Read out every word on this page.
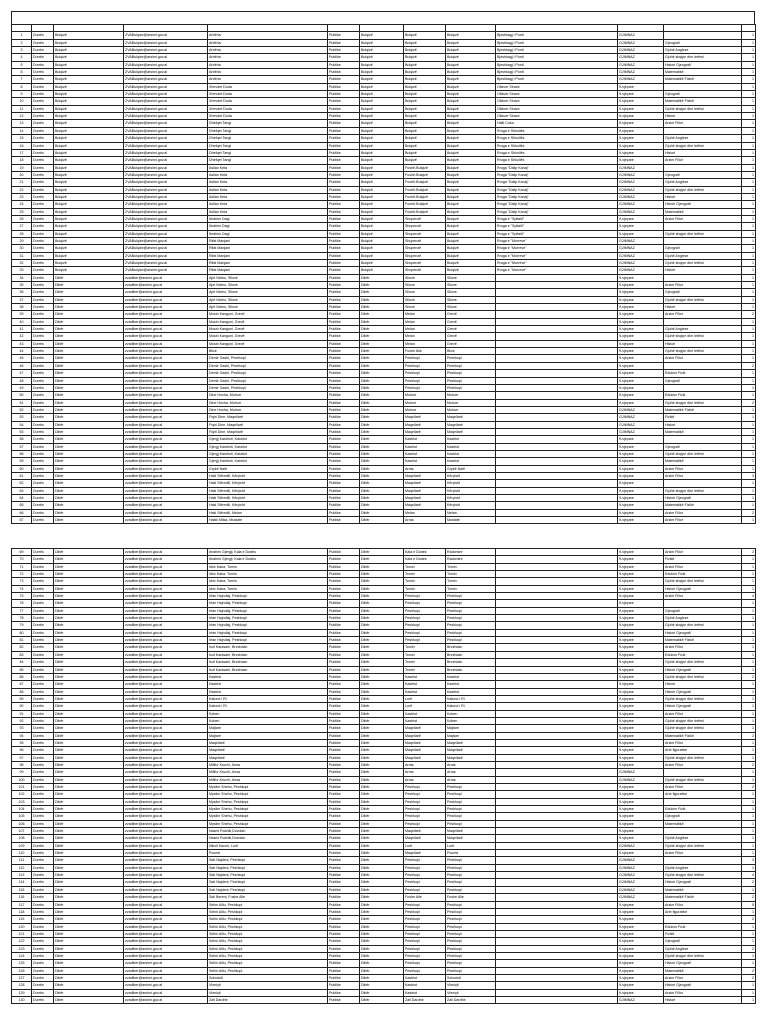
1	Durrës	Bulqizë	ZVABulqize@arsimi.gov.al	Arbëria	Publike	Bulqizë	Bulqizë	Bulqizë	Bjeshkagj i Ponit	GJIMNAZ		1
2	Durrës	Bulqizë	ZVABulqize@arsimi.gov.al	Arbëria	Publike	Bulqizë	Bulqizë	Bulqizë	Bjeshkagj i Ponit	GJIMNAZ	Gjeografi	1
3	Durrës	Bulqizë	ZVABulqize@arsimi.gov.al	Arbëria	Publike	Bulqizë	Bulqizë	Bulqizë	Bjeshkagj i Ponit	GJIMNAZ	Gjuhë Angleze	1
4	Durrës	Bulqizë	ZVABulqize@arsimi.gov.al	Arbëria	Publike	Bulqizë	Bulqizë	Bulqizë	Bjeshkagj i Ponit	GJIMNAZ	Gjuhë shqipe dhe letërsi	1
5	Durrës	Bulqizë	ZVABulqize@arsimi.gov.al	Arbëria	Publike	Bulqizë	Bulqizë	Bulqizë	Bjeshkagj i Ponit	GJIMNAZ	Histori Gjeografi	1
6	Durrës	Bulqizë	ZVABulqize@arsimi.gov.al	Arbëria	Publike	Bulqizë	Bulqizë	Bulqizë	Bjeshkagj i Ponit	GJIMNAZ	Matematikë	1
7	Durrës	Bulqizë	ZVABulqize@arsimi.gov.al	Arbëria	Publike	Bulqizë	Bulqizë	Bulqizë	Bjeshkagj i Ponit	GJIMNAZ	Matematikë Fizikë	1
8	Durrës	Bulqizë	ZVABulqize@arsimi.gov.al	Xhevdet Doda	Publike	Bulqizë	Bulqizë	Bulqizë	Ollaver Sinani	9-vjeçare		1
9	Durrës	Bulqizë	ZVABulqize@arsimi.gov.al	Xhevdet Doda	Publike	Bulqizë	Bulqizë	Bulqizë	Ollaver Sinani	9-vjeçare	Gjeografi	1
10	Durrës	Bulqizë	ZVABulqize@arsimi.gov.al	Xhevdet Doda	Publike	Bulqizë	Bulqizë	Bulqizë	Ollaver Sinani	9-vjeçare	Matematikë Fizikë	1
11	Durrës	Bulqizë	ZVABulqize@arsimi.gov.al	Xhevdet Doda	Publike	Bulqizë	Bulqizë	Bulqizë	Ollaver Sinani	9-vjeçare	Gjuhë shqipe dhe letërsi	1
12	Durrës	Bulqizë	ZVABulqize@arsimi.gov.al	Xhevdet Doda	Publike	Bulqizë	Bulqizë	Bulqizë	Ollaver Sinani	9-vjeçare	Histori	1
13	Durrës	Bulqizë	ZVABulqize@arsimi.gov.al	Dhefqet Tangi	Publike	Bulqizë	Bulqizë	Bulqizë	Halit Coka	9-vjeçare	Arsim Fillor	1
14	Durrës	Bulqizë	ZVABulqize@arsimi.gov.al	Dhefqet Tangi	Publike	Bulqizë	Bulqizë	Bulqizë	Rruga e Shkollës	9-vjeçare		1
15	Durrës	Bulqizë	ZVABulqize@arsimi.gov.al	Dhefqet Tangi	Publike	Bulqizë	Bulqizë	Bulqizë	Rruga e Shkollës	9-vjeçare	Gjuhë Angleze	1
16	Durrës	Bulqizë	ZVABulqize@arsimi.gov.al	Dhefqet Tangi	Publike	Bulqizë	Bulqizë	Bulqizë	Rruga e Shkollës	9-vjeçare	Gjuhë shqipe dhe letërsi	1
17	Durrës	Bulqizë	ZVABulqize@arsimi.gov.al	Dhefqet Tangi	Publike	Bulqizë	Bulqizë	Bulqizë	Rruga e Shkollës	9-vjeçare	Histori	1
18	Durrës	Bulqizë	ZVABulqize@arsimi.gov.al	Dhefqet Tangi	Publike	Bulqizë	Bulqizë	Bulqizë	Rruga e Shkollës	9-vjeçare	Arsim Fillor	1
19	Durrës	Bulqizë	ZVABulqize@arsimi.gov.al	Asllan Keta	Publike	Bulqizë	Fushë-Bulqizë	Bulqizë	Rruga "Dalip Kanaj"	GJIMNAZ		1
20	Durrës	Bulqizë	ZVABulqize@arsimi.gov.al	Asllan Keta	Publike	Bulqizë	Fushë-Bulqizë	Bulqizë	Rruga "Dalip Kanaj"	GJIMNAZ	Gjeografi	1
21	Durrës	Bulqizë	ZVABulqize@arsimi.gov.al	Asllan Keta	Publike	Bulqizë	Fushë-Bulqizë	Bulqizë	Rruga "Dalip Kanaj"	GJIMNAZ	Gjuhë Angleze	1
22	Durrës	Bulqizë	ZVABulqize@arsimi.gov.al	Asllan Keta	Publike	Bulqizë	Fushë-Bulqizë	Bulqizë	Rruga "Dalip Kanaj"	GJIMNAZ	Gjuhë shqipe dhe letërsi	1
23	Durrës	Bulqizë	ZVABulqize@arsimi.gov.al	Asllan Keta	Publike	Bulqizë	Fushë-Bulqizë	Bulqizë	Rruga "Dalip Kanaj"	GJIMNAZ	Histori	1
24	Durrës	Bulqizë	ZVABulqize@arsimi.gov.al	Asllan Keta	Publike	Bulqizë	Fushë-Bulqizë	Bulqizë	Rruga "Dalip Kanaj"	GJIMNAZ	Histori Gjeografi	1
25	Durrës	Bulqizë	ZVABulqize@arsimi.gov.al	Asllan Keta	Publike	Bulqizë	Fushë-Bulqizë	Bulqizë	Rruga "Dalip Kanaj"	GJIMNAZ	Matematikë	1
26	Durrës	Bulqizë	ZVABulqize@arsimi.gov.al	Ibrahim Dagi	Publike	Bulqizë	Shupenzë	Bulqizë	Rruga e "Spitalit"	9-vjeçare	Arsim Fillor	1
27	Durrës	Bulqizë	ZVABulqize@arsimi.gov.al	Ibrahim Dagi	Publike	Bulqizë	Shupenzë	Bulqizë	Rruga e "Spitalit"	9-vjeçare		1
28	Durrës	Bulqizë	ZVABulqize@arsimi.gov.al	Ibrahim Dagi	Publike	Bulqizë	Shupenzë	Bulqizë	Rruga e "Spitalit"	9-vjeçare	Gjuhë shqipe dhe letërsi	1
29	Durrës	Bulqizë	ZVABulqize@arsimi.gov.al	Rifat Manjani	Publike	Bulqizë	Shupenzë	Bulqizë	Rruga e "Murreve"	GJIMNAZ		1
30	Durrës	Bulqizë	ZVABulqize@arsimi.gov.al	Rifat Manjani	Publike	Bulqizë	Shupenzë	Bulqizë	Rruga e "Murreve"	GJIMNAZ	Gjeografi	1
31	Durrës	Bulqizë	ZVABulqize@arsimi.gov.al	Rifat Manjani	Publike	Bulqizë	Shupenzë	Bulqizë	Rruga e "Murreve"	GJIMNAZ	Gjuhë Angleze	1
32	Durrës	Bulqizë	ZVABulqize@arsimi.gov.al	Rifat Manjani	Publike	Bulqizë	Shupenzë	Bulqizë	Rruga e "Murreve"	GJIMNAZ	Gjuhë shqipe dhe letërsi	1
33	Durrës	Bulqizë	ZVABulqize@arsimi.gov.al	Rifat Manjani	Publike	Bulqizë	Shupenzë	Bulqizë	Rruga e "Murreve"	GJIMNAZ	Histori	1
34	Durrës	Dibër	zvadiber@arsimi.gov.al	Ajet Ndreu, Sllove	Publike	Dibër	Sllove	Sllove		9-vjeçare		1
35	Durrës	Dibër	zvadiber@arsimi.gov.al	Ajet Ndreu, Sllove	Publike	Dibër	Sllove	Sllove		9-vjeçare	Arsim Fillor	1
36	Durrës	Dibër	zvadiber@arsimi.gov.al	Ajet Ndreu, Sllove	Publike	Dibër	Sllove	Sllove		9-vjeçare	Gjeografi	1
37	Durrës	Dibër	zvadiber@arsimi.gov.al	Ajet Ndreu, Sllove	Publike	Dibër	Sllove	Sllove		9-vjeçare	Gjuhë shqipe dhe letërsi	1
38	Durrës	Dibër	zvadiber@arsimi.gov.al	Ajet Ndreu, Sllove	Publike	Dibër	Sllove	Sllove		9-vjeçare	Histori	1
39	Durrës	Dibër	zvadiber@arsimi.gov.al	Musin Kanguni, Grevë	Publike	Dibër	Melan	Grevë		9-vjeçare	Arsim Fillor	2
40	Durrës	Dibër	zvadiber@arsimi.gov.al	Musin Kanguni, Grevë	Publike	Dibër	Melan	Grevë		9-vjeçare		1
41	Durrës	Dibër	zvadiber@arsimi.gov.al	Musin Kanguni, Grevë	Publike	Dibër	Melan	Grevë		9-vjeçare	Gjuhë Angleze	1
42	Durrës	Dibër	zvadiber@arsimi.gov.al	Musin Kanguni, Grevë	Publike	Dibër	Melan	Grevë		9-vjeçare	Gjuhë shqipe dhe letërsi	1
43	Durrës	Dibër	zvadiber@arsimi.gov.al	Musin Kanguni, Grevë	Publike	Dibër	Melan	Grevë		9-vjeçare	Histori	1
44	Durrës	Dibër	zvadiber@arsimi.gov.al	Blice	Publike	Dibër	Fushe Alie	Blice		9-vjeçare	Gjuhë shqipe dhe letërsi	1
45	Durrës	Dibër	zvadiber@arsimi.gov.al	Demir Gashi, Peshkopi	Publike	Dibër	Peshkopi	Peshkopi		9-vjeçare	Arsim Fillor	1
46	Durrës	Dibër	zvadiber@arsimi.gov.al	Demir Gashi, Peshkopi	Publike	Dibër	Peshkopi	Peshkopi		9-vjeçare		2
47	Durrës	Dibër	zvadiber@arsimi.gov.al	Demir Gashi, Peshkopi	Publike	Dibër	Peshkopi	Peshkopi		9-vjeçare	Edukim Fizik	1
48	Durrës	Dibër	zvadiber@arsimi.gov.al	Demir Gashi, Peshkopi	Publike	Dibër	Peshkopi	Peshkopi		9-vjeçare	Gjeografi	1
49	Durrës	Dibër	zvadiber@arsimi.gov.al	Demir Gashi, Peshkopi	Publike	Dibër	Peshkopi	Peshkopi		9-vjeçare		1
50	Durrës	Dibër	zvadiber@arsimi.gov.al	Dine Hoxha, Muhurr	Publike	Dibër	Muhurr	Muhurr		9-vjeçare	Edukim Fizik	1
51	Durrës	Dibër	zvadiber@arsimi.gov.al	Dine Hoxha, Muhurr	Publike	Dibër	Muhurr	Muhurr		9-vjeçare	Gjuhë shqipe dhe letërsi	2
52	Durrës	Dibër	zvadiber@arsimi.gov.al	Dine Hoxha, Muhurr	Publike	Dibër	Muhurr	Muhurr		GJIMNAZ	Matematikë Fizikë	1
53	Durrës	Dibër	zvadiber@arsimi.gov.al	Fiqiri Dine, Maqellarë	Publike	Dibër	Maqellarë	Maqellarë		GJIMNAZ	Fizikë	1
54	Durrës	Dibër	zvadiber@arsimi.gov.al	Fiqiri Dine, Maqellarë	Publike	Dibër	Maqellarë	Maqellarë		GJIMNAZ	Histori	1
55	Durrës	Dibër	zvadiber@arsimi.gov.al	Fiqiri Dine, Maqellarë	Publike	Dibër	Maqellarë	Maqellarë		GJIMNAZ	Matematikë	1
56	Durrës	Dibër	zvadiber@arsimi.gov.al	Gjergj Kastrioti, Kastriot	Publike	Dibër	Kastriot	Kastriot		9-vjeçare		1
57	Durrës	Dibër	zvadiber@arsimi.gov.al	Gjergj Kastrioti, Kastriot	Publike	Dibër	Kastriot	Kastriot		9-vjeçare	Gjeografi	1
58	Durrës	Dibër	zvadiber@arsimi.gov.al	Gjergj Kastrioti, Kastriot	Publike	Dibër	Kastriot	Kastriot		9-vjeçare	Gjuhë shqipe dhe letërsi	1
59	Durrës	Dibër	zvadiber@arsimi.gov.al	Gjergj Kastrioti, Kastriot	Publike	Dibër	Kastriot	Kastriot		9-vjeçare	Matematikë	1
60	Durrës	Dibër	zvadiber@arsimi.gov.al	Grykë Nalë	Publike	Dibër	Arras	Grykë Nalë		9-vjeçare	Arsim Fillor	1
61	Durrës	Dibër	zvadiber@arsimi.gov.al	Haki Stërmilli, Kërçisht	Publike	Dibër	Maqellarë	Kërçisht		9-vjeçare	Arsim Fillor	3
62	Durrës	Dibër	zvadiber@arsimi.gov.al	Haki Stërmilli, Kërçisht	Publike	Dibër	Maqellarë	Kërçisht		9-vjeçare		1
63	Durrës	Dibër	zvadiber@arsimi.gov.al	Haki Stërmilli, Kërçisht	Publike	Dibër	Maqellarë	Kërçisht		9-vjeçare	Gjuhë shqipe dhe letërsi	1
64	Durrës	Dibër	zvadiber@arsimi.gov.al	Haki Stërmilli, Kërçisht	Publike	Dibër	Maqellarë	Kërçisht		9-vjeçare	Histori Gjeografi	1
65	Durrës	Dibër	zvadiber@arsimi.gov.al	Haki Stërmilli, Kërçisht	Publike	Dibër	Maqellarë	Kërçisht		9-vjeçare	Matematikë Fizikë	1
66	Durrës	Dibër	zvadiber@arsimi.gov.al	Haki Stërmilli, Melan	Publike	Dibër	Melan	Melan		9-vjeçare	Arsim Fillor	2
67	Durrës	Dibër	zvadiber@arsimi.gov.al	Hakik Mlika, Mustafe	Publike	Dibër	Arras	Mustafe		9-vjeçare	Arsim Fillor	1
69	Durrës	Dibër	zvadiber@arsimi.gov.al	Ibrahim Gjergji, Kala e Dodes	Publike	Dibër	Kala e Dodes	Radomire		9-vjeçare	Arsim Fillor	2
70	Durrës	Dibër	zvadiber@arsimi.gov.al	Ibrahim Gjergji, Kala e Dodes	Publike	Dibër	Kala e Dodes	Radomire		9-vjeçare	Fizikë	1
71	Durrës	Dibër	zvadiber@arsimi.gov.al	Idriz Kaba, Tomin	Publike	Dibër	Tomin	Tomin		9-vjeçare	Arsim Fillor	1
72	Durrës	Dibër	zvadiber@arsimi.gov.al	Idriz Kaba, Tomin	Publike	Dibër	Tomin	Tomin		9-vjeçare	Edukim Fizik	1
73	Durrës	Dibër	zvadiber@arsimi.gov.al	Idriz Kaba, Tomin	Publike	Dibër	Tomin	Tomin		9-vjeçare	Gjuhë shqipe dhe letërsi	1
74	Durrës	Dibër	zvadiber@arsimi.gov.al	Idriz Kaba, Tomin	Publike	Dibër	Tomin	Tomin		9-vjeçare	Histori Gjeografi	1
75	Durrës	Dibër	zvadiber@arsimi.gov.al	Irfan Hajrullaj, Peshkopi	Publike	Dibër	Peshkopi	Peshkopi		9-vjeçare	Arsim Fillor	4
76	Durrës	Dibër	zvadiber@arsimi.gov.al	Irfan Hajrullaj, Peshkopi	Publike	Dibër	Peshkopi	Peshkopi		9-vjeçare		1
77	Durrës	Dibër	zvadiber@arsimi.gov.al	Irfan Hajrullaj, Peshkopi	Publike	Dibër	Peshkopi	Peshkopi		9-vjeçare	Gjeografi	1
78	Durrës	Dibër	zvadiber@arsimi.gov.al	Irfan Hajrullaj, Peshkopi	Publike	Dibër	Peshkopi	Peshkopi		9-vjeçare	Gjuhë Angleze	1
79	Durrës	Dibër	zvadiber@arsimi.gov.al	Irfan Hajrullaj, Peshkopi	Publike	Dibër	Peshkopi	Peshkopi		9-vjeçare	Gjuhë shqipe dhe letërsi	1
80	Durrës	Dibër	zvadiber@arsimi.gov.al	Irfan Hajrullaj, Peshkopi	Publike	Dibër	Peshkopi	Peshkopi		9-vjeçare	Histori Gjeografi	1
81	Durrës	Dibër	zvadiber@arsimi.gov.al	Irfan Hajrullaj, Peshkopi	Publike	Dibër	Peshkopi	Peshkopi		9-vjeçare	Matematikë Fizikë	1
82	Durrës	Dibër	zvadiber@arsimi.gov.al	Isuf Karasani, Brezhdan	Publike	Dibër	Tomin	Brezhdan		9-vjeçare	Arsim Fillor	1
83	Durrës	Dibër	zvadiber@arsimi.gov.al	Isuf Karasani, Brezhdan	Publike	Dibër	Tomin	Brezhdan		9-vjeçare	Edukim Fizik	1
84	Durrës	Dibër	zvadiber@arsimi.gov.al	Isuf Karasani, Brezhdan	Publike	Dibër	Tomin	Brezhdan		9-vjeçare	Gjuhë shqipe dhe letërsi	1
85	Durrës	Dibër	zvadiber@arsimi.gov.al	Isuf Karasani, Brezhdan	Publike	Dibër	Tomin	Brezhdan		9-vjeçare	Histori Gjeografi	1
86	Durrës	Dibër	zvadiber@arsimi.gov.al	Kastriot	Publike	Dibër	Kastriot	Kastriot		9-vjeçare	Gjuhë shqipe dhe letërsi	2
87	Durrës	Dibër	zvadiber@arsimi.gov.al	Kastriot	Publike	Dibër	Kastriot	Kastriot		9-vjeçare	Histori	1
88	Durrës	Dibër	zvadiber@arsimi.gov.al	Kastriot	Publike	Dibër	Kastriot	Kastriot		9-vjeçare	Histori Gjeografi	1
89	Durrës	Dibër	zvadiber@arsimi.gov.al	Katund i Ri	Publike	Dibër	Lurë	Katund i Ri		9-vjeçare	Gjuhë shqipe dhe letërsi	1
90	Durrës	Dibër	zvadiber@arsimi.gov.al	Katund i Ri	Publike	Dibër	Lurë	Katund i Ri		9-vjeçare	Histori Gjeografi	1
91	Durrës	Dibër	zvadiber@arsimi.gov.al	Koben	Publike	Dibër	Kastriot	Koben		9-vjeçare	Arsim Fillor	1
92	Durrës	Dibër	zvadiber@arsimi.gov.al	Koben	Publike	Dibër	Kastriot	Koben		9-vjeçare	Gjuhë shqipe dhe letërsi	1
93	Durrës	Dibër	zvadiber@arsimi.gov.al	Majtare	Publike	Dibër	Maqellarë	Majtare		9-vjeçare	Gjuhë shqipe dhe letërsi	1
94	Durrës	Dibër	zvadiber@arsimi.gov.al	Majtare	Publike	Dibër	Maqellarë	Majtare		9-vjeçare	Matematikë Fizikë	2
95	Durrës	Dibër	zvadiber@arsimi.gov.al	Maqellarë	Publike	Dibër	Maqellarë	Maqellarë		9-vjeçare	Arsim Fillor	1
96	Durrës	Dibër	zvadiber@arsimi.gov.al	Maqellarë	Publike	Dibër	Maqellarë	Maqellarë		9-vjeçare	Arte figurative	1
97	Durrës	Dibër	zvadiber@arsimi.gov.al	Maqellarë	Publike	Dibër	Maqellarë	Maqellarë		9-vjeçare	Gjuhë shqipe dhe letërsi	1
98	Durrës	Dibër	zvadiber@arsimi.gov.al	Millfur Kruchi, Arras	Publike	Dibër	Arras	Arras		9-vjeçare	Arsim Fillor	2
99	Durrës	Dibër	zvadiber@arsimi.gov.al	Millfur Kruchi, Arras	Publike	Dibër	Arras	Arras		GJIMNAZ		1
100	Durrës	Dibër	zvadiber@arsimi.gov.al	Millfur Kruchi, Arras	Publike	Dibër	Arras	Arras		GJIMNAZ	Gjuhë shqipe dhe letërsi	1
101	Durrës	Dibër	zvadiber@arsimi.gov.al	Myslim Shehu, Peshkopi	Publike	Dibër	Peshkopi	Peshkopi		9-vjeçare	Arsim Fillor	2
102	Durrës	Dibër	zvadiber@arsimi.gov.al	Myslim Shehu, Peshkopi	Publike	Dibër	Peshkopi	Peshkopi		9-vjeçare	Arte figurative	1
103	Durrës	Dibër	zvadiber@arsimi.gov.al	Myslim Shehu, Peshkopi	Publike	Dibër	Peshkopi	Peshkopi		9-vjeçare		1
104	Durrës	Dibër	zvadiber@arsimi.gov.al	Myslim Shehu, Peshkopi	Publike	Dibër	Peshkopi	Peshkopi		9-vjeçare	Edukim Fizik	1
105	Durrës	Dibër	zvadiber@arsimi.gov.al	Myslim Shehu, Peshkopi	Publike	Dibër	Peshkopi	Peshkopi		9-vjeçare	Gjeografi	1
106	Durrës	Dibër	zvadiber@arsimi.gov.al	Myslim Shehu, Peshkopi	Publike	Dibër	Peshkopi	Peshkopi		9-vjeçare	Matematikë	1
107	Durrës	Dibër	zvadiber@arsimi.gov.al	Nazmi Rushiti,Dovolan	Publike	Dibër	Maqellarë	Maqellarë		9-vjeçare		1
108	Durrës	Dibër	zvadiber@arsimi.gov.al	Nazmi Rushiti,Dovolan	Publike	Dibër	Maqellarë	Maqellarë		9-vjeçare	Gjuhë Angleze	1
109	Durrës	Dibër	zvadiber@arsimi.gov.al	Nikoll Kaceri, Lurë	Publike	Dibër	Lurë	Lurë		GJIMNAZ	Gjuhë shqipe dhe letërsi	1
110	Durrës	Dibër	zvadiber@arsimi.gov.al	Pocest	Publike	Dibër	Maqellarë	Pocest		9-vjeçare	Arsim Fillor	1
111	Durrës	Dibër	zvadiber@arsimi.gov.al	Sait Najdeni, Peshkopi	Publike	Dibër	Peshkopi	Peshkopi		GJIMNAZ		3
112	Durrës	Dibër	zvadiber@arsimi.gov.al	Sait Najdeni, Peshkopi	Publike	Dibër	Peshkopi	Peshkopi		GJIMNAZ	Gjuhë Angleze	1
113	Durrës	Dibër	zvadiber@arsimi.gov.al	Sait Najdeni, Peshkopi	Publike	Dibër	Peshkopi	Peshkopi		GJIMNAZ	Gjuhë shqipe dhe letërsi	4
114	Durrës	Dibër	zvadiber@arsimi.gov.al	Sait Najdeni, Peshkopi	Publike	Dibër	Peshkopi	Peshkopi		GJIMNAZ	Histori Gjeografi	2
115	Durrës	Dibër	zvadiber@arsimi.gov.al	Sait Najdeni, Peshkopi	Publike	Dibër	Peshkopi	Peshkopi		GJIMNAZ	Matematikë	1
116	Durrës	Dibër	zvadiber@arsimi.gov.al	Sali Bereni, Fushe Alie	Publike	Dibër	Fushe Alie	Fushe Alie		GJIMNAZ	Matematikë Fizikë	2
117	Durrës	Dibër	zvadiber@arsimi.gov.al	Selim Alliu, Peshkopi	Publike	Dibër	Peshkopi	Peshkopi		9-vjeçare	Arsim Fillor	5
118	Durrës	Dibër	zvadiber@arsimi.gov.al	Selim Alliu, Peshkopi	Publike	Dibër	Peshkopi	Peshkopi		9-vjeçare	Arte figurative	1
119	Durrës	Dibër	zvadiber@arsimi.gov.al	Selim Alliu, Peshkopi	Publike	Dibër	Peshkopi	Peshkopi		9-vjeçare		2
120	Durrës	Dibër	zvadiber@arsimi.gov.al	Selim Alliu, Peshkopi	Publike	Dibër	Peshkopi	Peshkopi		9-vjeçare	Edukim Fizik	1
121	Durrës	Dibër	zvadiber@arsimi.gov.al	Selim Alliu, Peshkopi	Publike	Dibër	Peshkopi	Peshkopi		9-vjeçare	Fizikë	1
122	Durrës	Dibër	zvadiber@arsimi.gov.al	Selim Alliu, Peshkopi	Publike	Dibër	Peshkopi	Peshkopi		9-vjeçare	Gjeografi	1
123	Durrës	Dibër	zvadiber@arsimi.gov.al	Selim Alliu, Peshkopi	Publike	Dibër	Peshkopi	Peshkopi		9-vjeçare	Gjuhë Angleze	2
124	Durrës	Dibër	zvadiber@arsimi.gov.al	Selim Alliu, Peshkopi	Publike	Dibër	Peshkopi	Peshkopi		9-vjeçare	Gjuhë shqipe dhe letërsi	1
125	Durrës	Dibër	zvadiber@arsimi.gov.al	Selim Alliu, Peshkopi	Publike	Dibër	Peshkopi	Peshkopi		9-vjeçare	Histori Gjeografi	1
126	Durrës	Dibër	zvadiber@arsimi.gov.al	Selim Alliu, Peshkopi	Publike	Dibër	Peshkopi	Peshkopi		9-vjeçare	Matematikë	2
127	Durrës	Dibër	zvadiber@arsimi.gov.al	Sohodoll	Publike	Dibër	Kastriot	Sohodoll		9-vjeçare	Arsim Fillor	2
128	Durrës	Dibër	zvadiber@arsimi.gov.al	Vleniçë	Publike	Dibër	Kastriot	Vleniçë		9-vjeçare	Histori Gjeografi	1
129	Durrës	Dibër	zvadiber@arsimi.gov.al	Vleniçë	Publike	Dibër	Kastriot	Vleniçë		9-vjeçare	Arsim Fillor	1
130	Durrës	Dibër	zvadiber@arsimi.gov.al	Zall Dardhe	Publike	Dibër	Zall Dardhe	Zall Dardhe		GJIMNAZ	Histori	1
